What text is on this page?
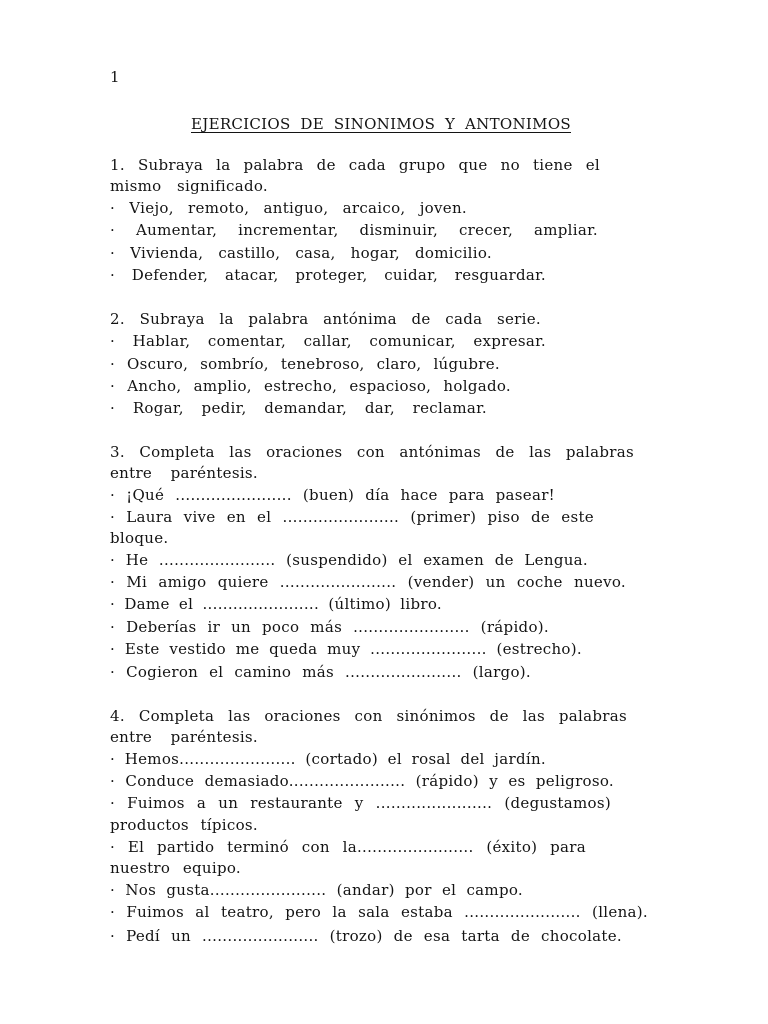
1
EJERCICIOS DE SINONIMOS Y ANTONIMOS
1. Subraya la palabra de cada grupo que no tiene el
mismo significado.
· Viejo, remoto, antiguo, arcaico, joven.
· Aumentar, incrementar, disminuir, crecer, ampliar.
· Vivienda, castillo, casa, hogar, domicilio.
· Defender, atacar, proteger, cuidar, resguardar.
2. Subraya la palabra antónima de cada serie.
· Hablar, comentar, callar, comunicar, expresar.
· Oscuro, sombrío, tenebroso, claro, lúgubre.
· Ancho, amplio, estrecho, espacioso, holgado.
· Rogar, pedir, demandar, dar, reclamar.
3. Completa las oraciones con antónimas de las palabras
entre paréntesis.
· ¡Qué ....................... (buen) día hace para pasear!
· Laura vive en el ....................... (primer) piso de este
bloque.
· He ....................... (suspendido) el examen de Lengua.
· Mi amigo quiere ....................... (vender) un coche nuevo.
· Dame el ....................... (último) libro.
· Deberías ir un poco más ....................... (rápido).
· Este vestido me queda muy ....................... (estrecho).
· Cogieron el camino más ....................... (largo).
4. Completa las oraciones con sinónimos de las palabras
entre paréntesis.
· Hemos....................... (cortado) el rosal del jardín.
· Conduce demasiado....................... (rápido) y es peligroso.
· Fuimos a un restaurante y ....................... (degustamos)
productos típicos.
· El partido terminó con la....................... (éxito) para
nuestro equipo.
· Nos gusta....................... (andar) por el campo.
· Fuimos al teatro, pero la sala estaba ....................... (llena).
· Pedí un ....................... (trozo) de esa tarta de chocolate.
